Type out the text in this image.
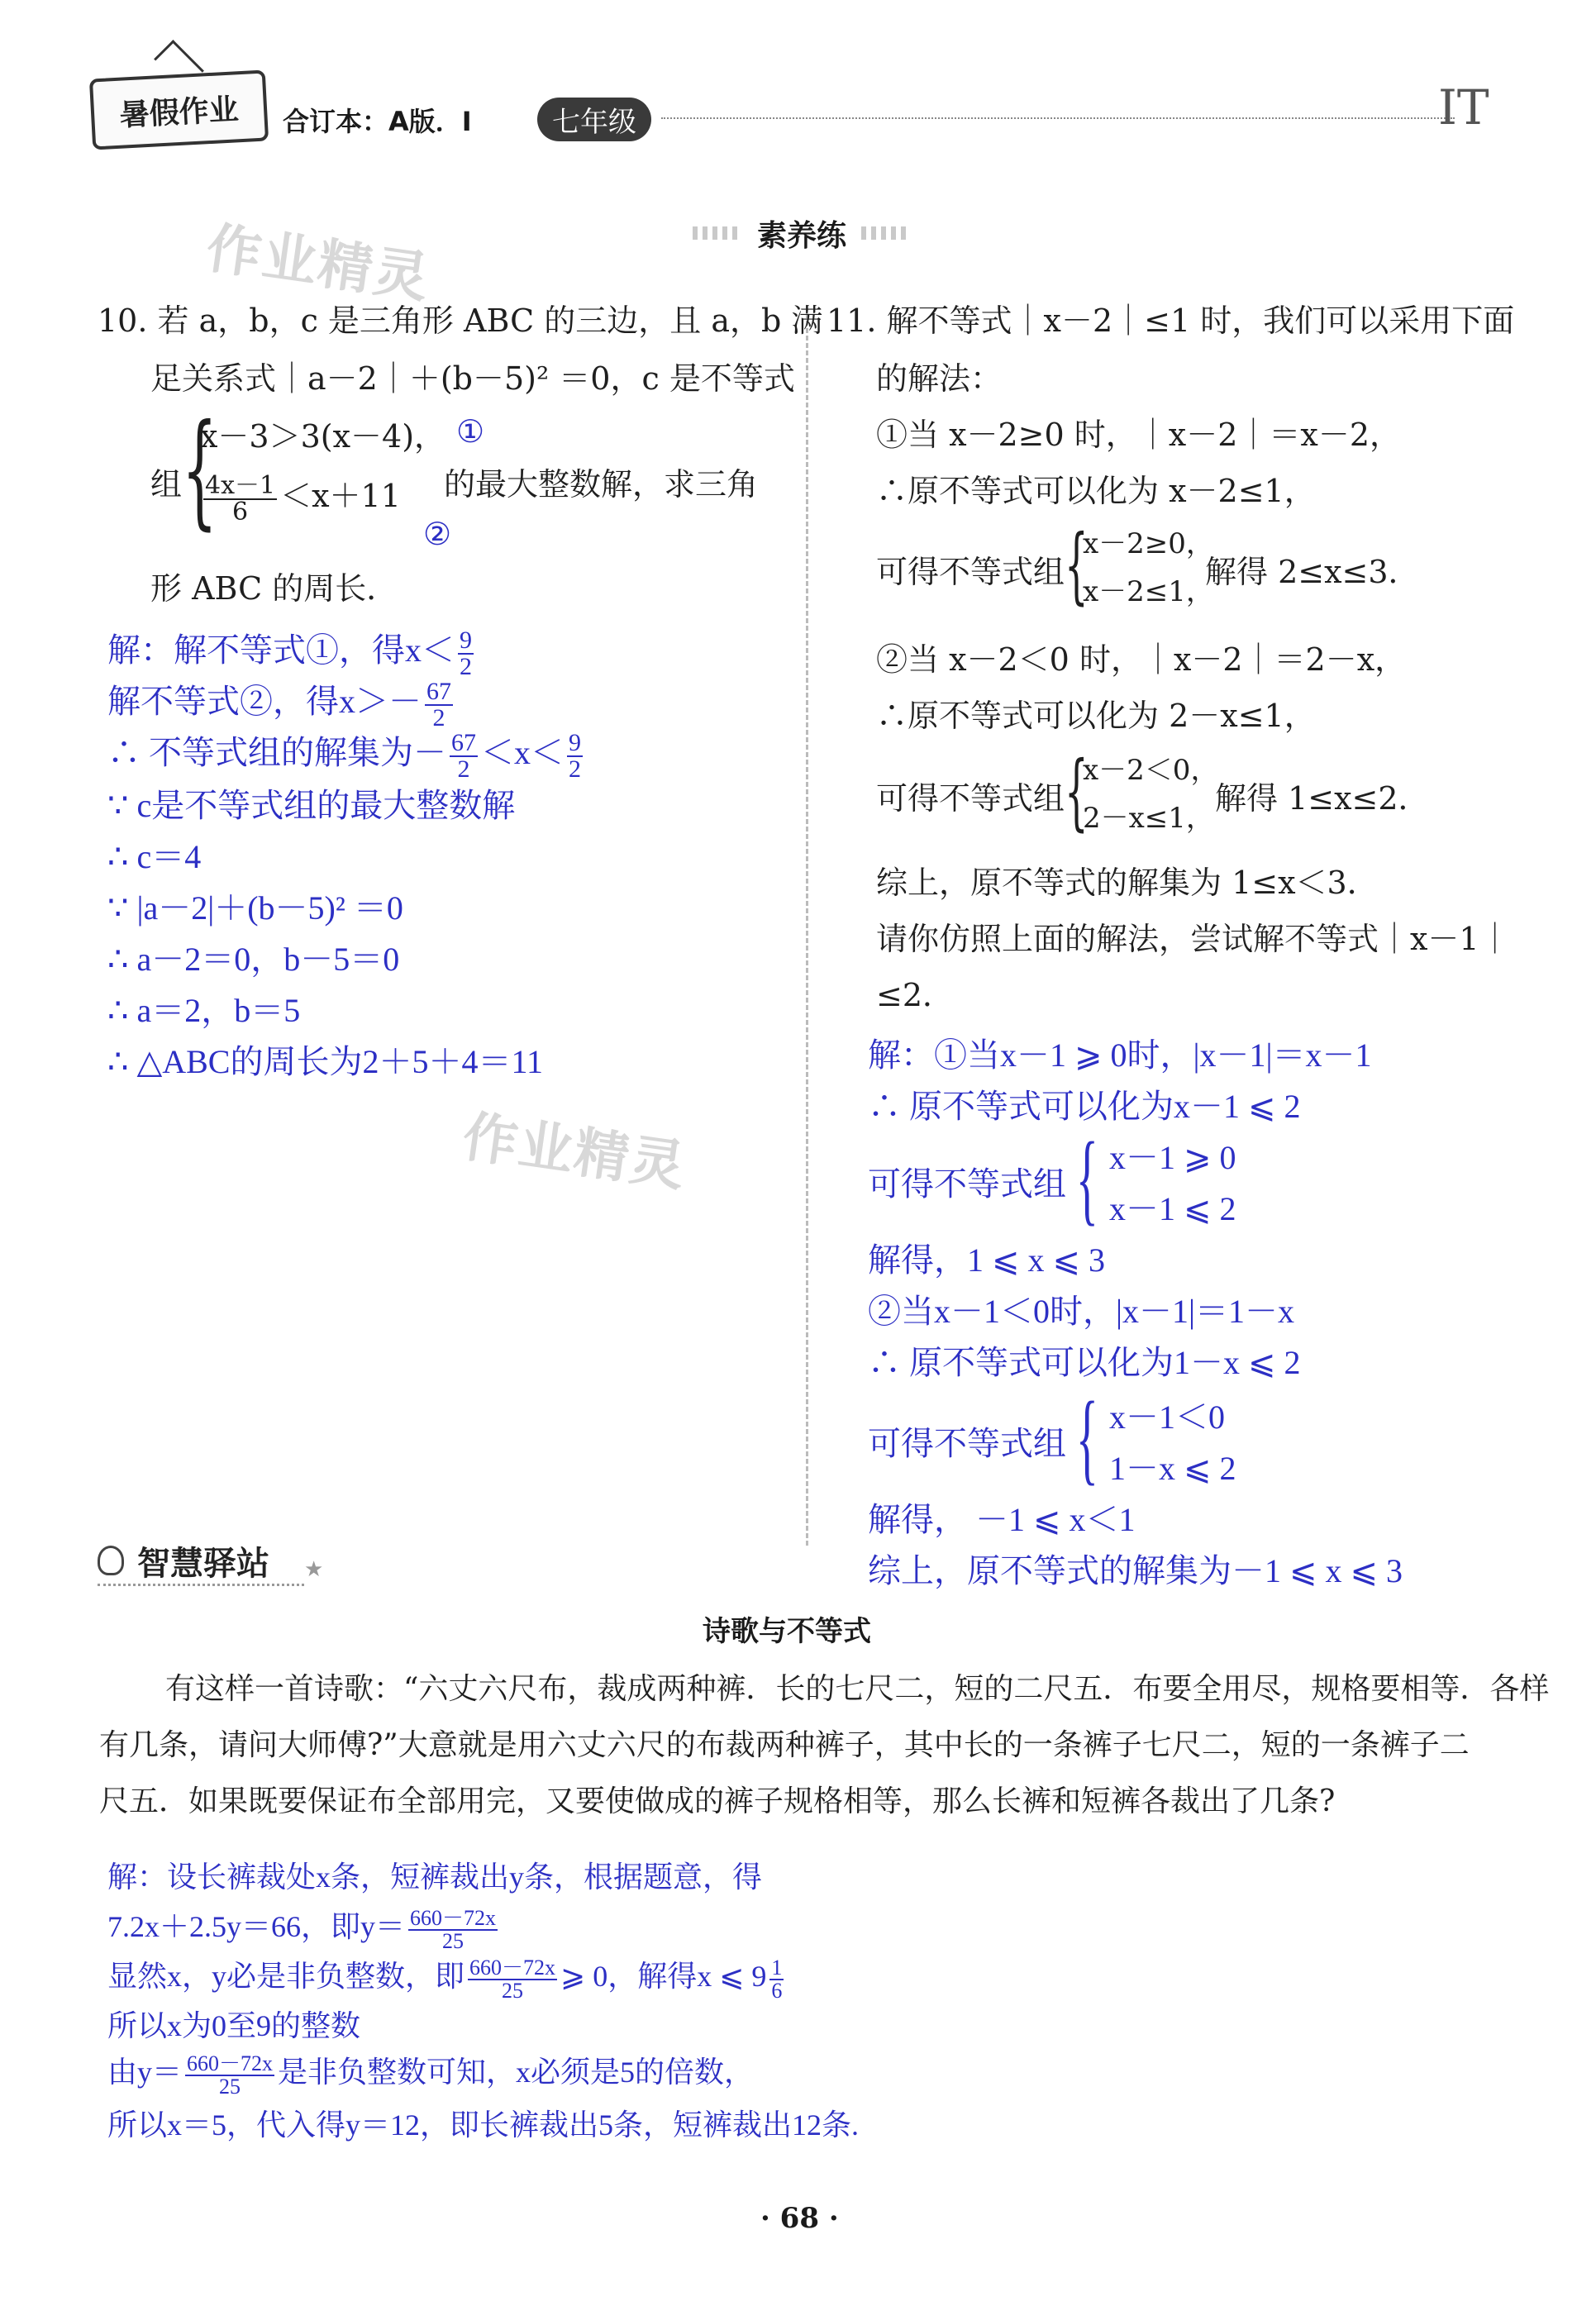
暑假作业 合订本：A版．I	七年级	IT
素养练
作业精灵
作业精灵
10. 若 a，b，c 是三角形 ABC 的三边，且 a，b 满
足关系式｜a－2｜＋(b－5)² ＝0，c 是不等式
组 {
x－3＞3(x－4)， ①
$\frac{4x-1}{6} <x+11$
②
的最大整数解，求三角
形 ABC 的周长．
解：解不等式①，得$x< \frac{9}{2}$
解不等式②，得$x>- \frac{67}{2}$
∴ 不等式组的解集为－ $\frac{67}{2} <x< \frac{9}{2}$
∵ c是不等式组的最大整数解
∴ c＝4
∵ |a－2|＋(b－5)² ＝0
∴ a－2＝0，b－5＝0
∴ a＝2，b＝5
∴ △ABC的周长为2＋5＋4＝11
11. 解不等式｜x－2｜≤1 时，我们可以采用下面
的解法：
①当 x－2≥0 时，｜x－2｜＝x－2，
∴原不等式可以化为 x－2≤1，
可得不等式组 {
x－2≥0，
x－2≤1，
解得 2≤x≤3．
②当 x－2＜0 时，｜x－2｜＝2－x，
∴原不等式可以化为 2－x≤1，
可得不等式组 {
x－2＜0，
2－x≤1，
解得 1≤x≤2．
综上，原不等式的解集为 1≤x＜3．
请你仿照上面的解法，尝试解不等式｜x－1｜
≤2．
解：①当x－1 ⩾ 0时，|x－1|＝x－1
∴ 原不等式可以化为x－1 ⩽ 2
可得不等式组 { x－1 ⩾ 0
x－1 ⩽ 2
解得，1 ⩽ x ⩽ 3
②当x－1＜0时，|x－1|＝1－x
∴ 原不等式可以化为1－x ⩽ 2
可得不等式组 { x－1＜0
1－x ⩽ 2
解得， －1 ⩽ x＜1
综上，原不等式的解集为－1 ⩽ x ⩽ 3
智慧驿站 ★
诗歌与不等式
有这样一首诗歌：“六丈六尺布，裁成两种裤．长的七尺二，短的二尺五．布要全用尽，规格要相等．各样
有几条，请问大师傅?”大意就是用六丈六尺的布裁两种裤子，其中长的一条裤子七尺二，短的一条裤子二
尺五．如果既要保证布全部用完，又要使做成的裤子规格相等，那么长裤和短裤各裁出了几条?
解：设长裤裁处x条，短裤裁出y条，根据题意，得
7.2x＋2.5y＝66，即$y= \frac{660-72x}{25}$
显然x，y必是非负整数，即 $\frac{660-72x}{25}$ ⩾ 0，解得x ⩽ $9 \frac{1}{6}$
所以x为0至9的整数
由$y= \frac{660-72x}{25}$ 是非负整数可知，x必须是5的倍数，
所以x＝5，代入得y＝12，即长裤裁出5条，短裤裁出12条.
· 68 ·
